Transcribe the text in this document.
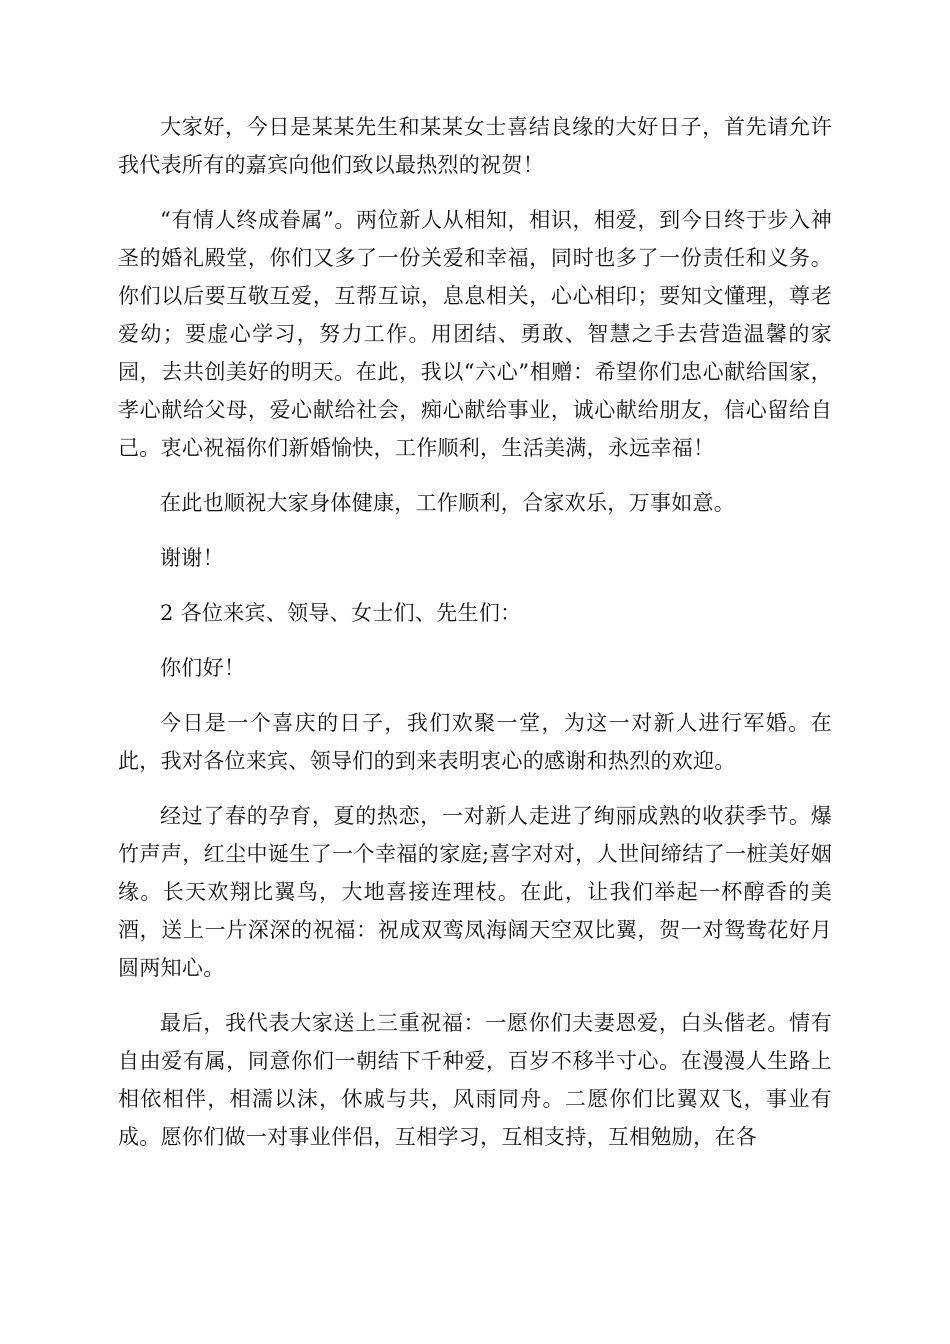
大家好，今日是某某先生和某某女士喜结良缘的大好日子，首先请允许我代表所有的嘉宾向他们致以最热烈的祝贺！

“有情人终成眷属”。两位新人从相知，相识，相爱，到今日终于步入神圣的婚礼殿堂，你们又多了一份关爱和幸福，同时也多了一份责任和义务。你们以后要互敬互爱，互帮互谅，息息相关，心心相印；要知文懂理，尊老爱幼；要虚心学习，努力工作。用团结、勇敢、智慧之手去营造温馨的家园，去共创美好的明天。在此，我以“六心”相赠：希望你们忠心献给国家，孝心献给父母，爱心献给社会，痴心献给事业，诚心献给朋友，信心留给自己。衷心祝福你们新婚愉快，工作顺利，生活美满，永远幸福！

在此也顺祝大家身体健康，工作顺利，合家欢乐，万事如意。

谢谢！

2 各位来宾、领导、女士们、先生们：

你们好！

今日是一个喜庆的日子，我们欢聚一堂，为这一对新人进行军婚。在此，我对各位来宾、领导们的到来表明衷心的感谢和热烈的欢迎。

经过了春的孕育，夏的热恋，一对新人走进了绚丽成熟的收获季节。爆竹声声，红尘中诞生了一个幸福的家庭;喜字对对，人世间缔结了一桩美好姻缘。长天欢翔比翼鸟，大地喜接连理枝。在此，让我们举起一杯醇香的美酒，送上一片深深的祝福：祝成双鸾凤海阔天空双比翼，贺一对鸳鸯花好月圆两知心。

最后，我代表大家送上三重祝福：一愿你们夫妻恩爱，白头偕老。情有自由爱有属，同意你们一朝结下千种爱，百岁不移半寸心。在漫漫人生路上相依相伴，相濡以沫，休戚与共，风雨同舟。二愿你们比翼双飞，事业有成。愿你们做一对事业伴侣，互相学习，互相支持，互相勉励，在各
